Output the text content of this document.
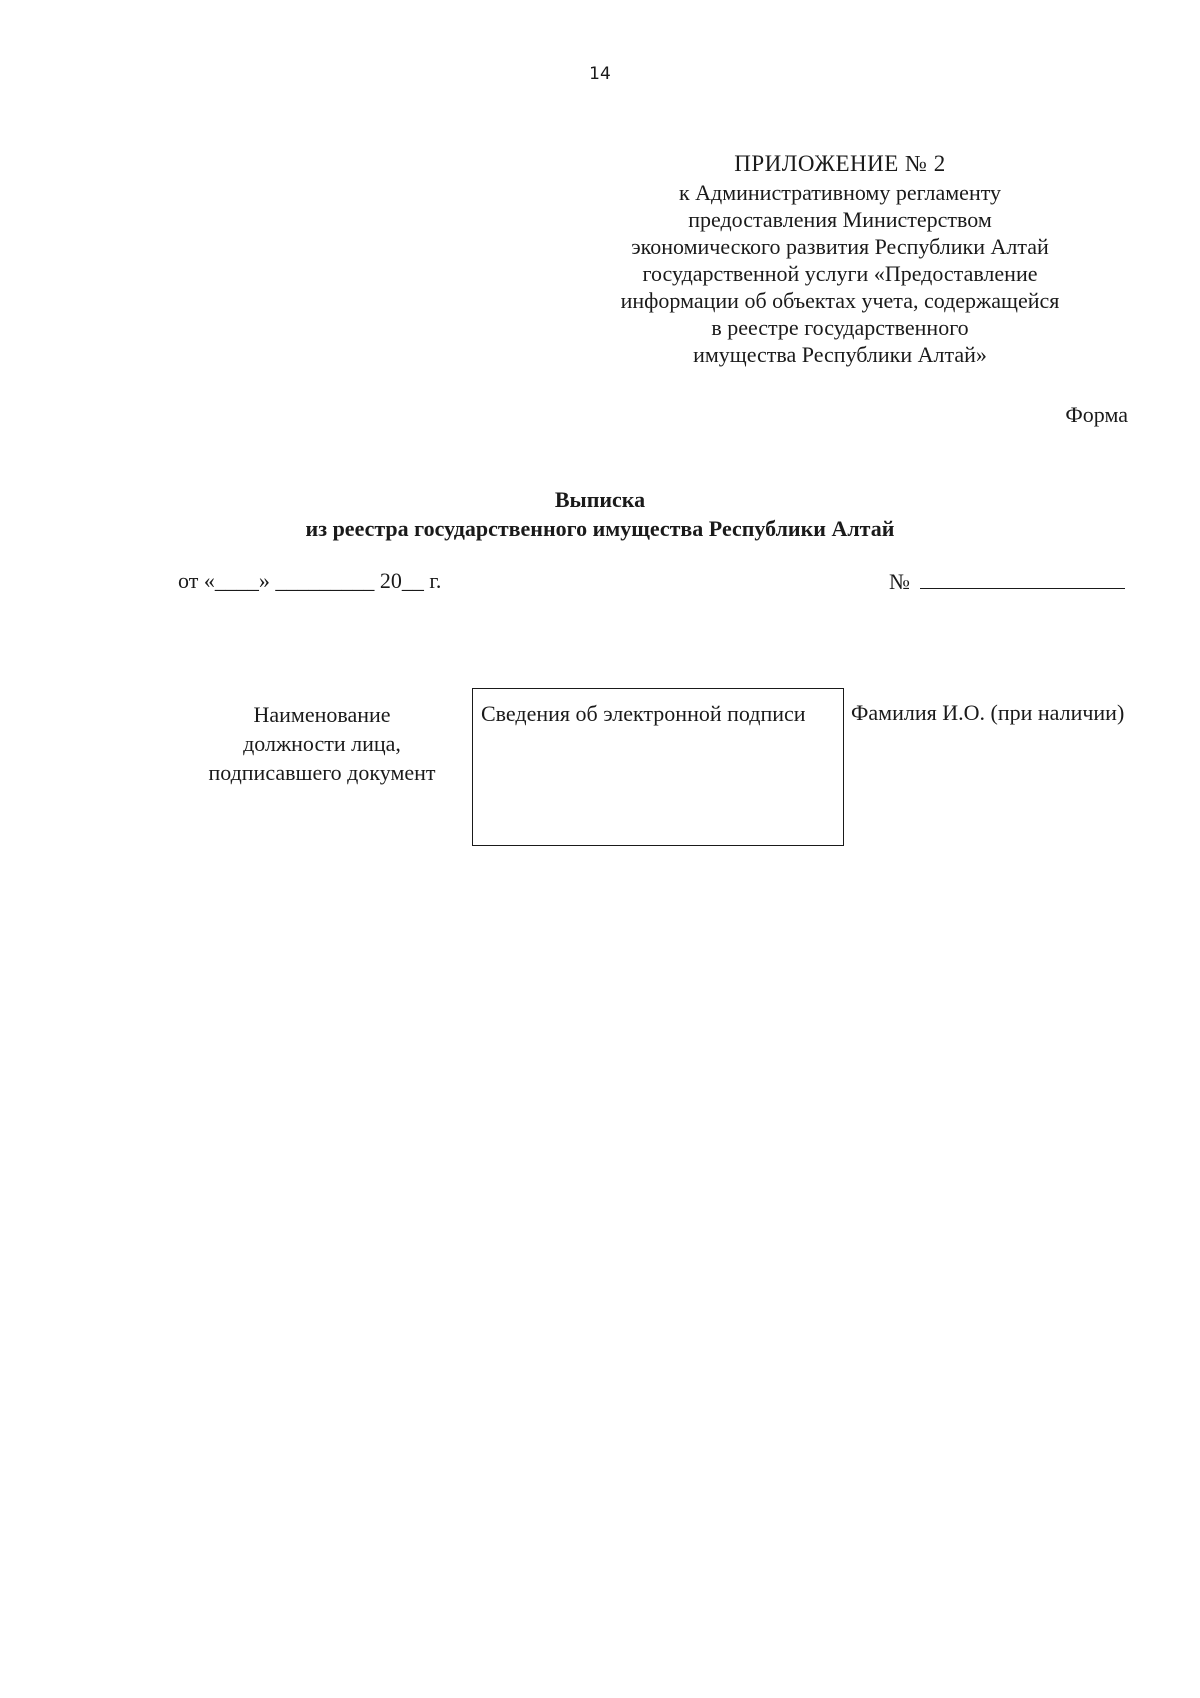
14
ПРИЛОЖЕНИЕ № 2
к Административному регламенту
предоставления Министерством
экономического развития Республики Алтай
государственной услуги «Предоставление
информации об объектах учета, содержащейся
в реестре государственного
имущества Республики Алтай»
Форма
Выписка
из реестра государственного имущества Республики Алтай
от «____» _________ 20__ г.	№
Наименование
должности лица,
подписавшего документ
Сведения об электронной подписи Фамилия И.О. (при наличии)
